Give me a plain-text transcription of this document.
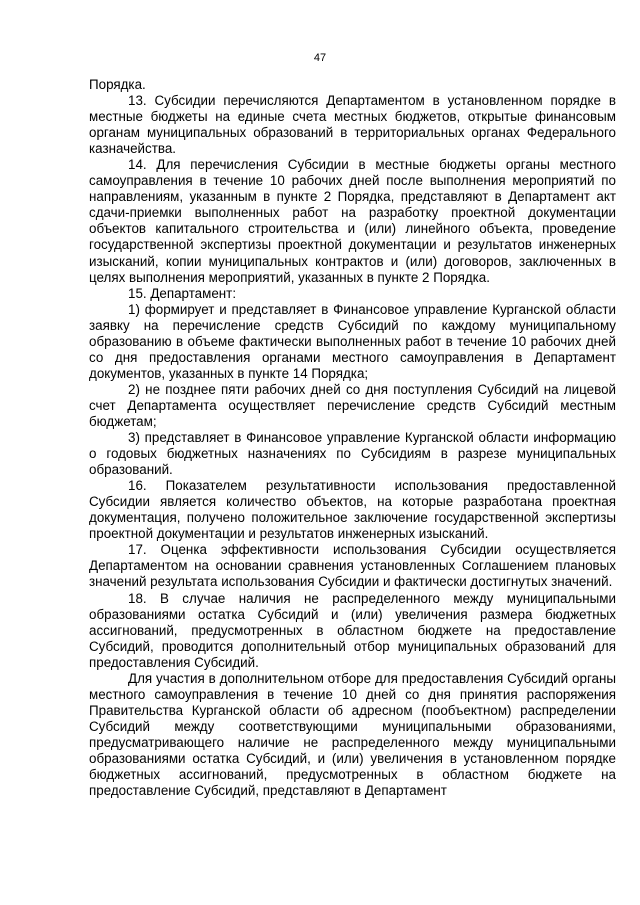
47

Порядка.

13. Субсидии перечисляются Департаментом в установленном порядке в местные бюджеты на единые счета местных бюджетов, открытые финансовым органам муниципальных образований в территориальных органах Федерального казначейства.

14. Для перечисления Субсидии в местные бюджеты органы местного самоуправления в течение 10 рабочих дней после выполнения мероприятий по направлениям, указанным в пункте 2 Порядка, представляют в Департамент акт сдачи-приемки выполненных работ на разработку проектной документации объектов капитального строительства и (или) линейного объекта, проведение государственной экспертизы проектной документации и результатов инженерных изысканий, копии муниципальных контрактов и (или) договоров, заключенных в целях выполнения мероприятий, указанных в пункте 2 Порядка.

15. Департамент:

1) формирует и представляет в Финансовое управление Курганской области заявку на перечисление средств Субсидий по каждому муниципальному образованию в объеме фактически выполненных работ в течение 10 рабочих дней со дня предоставления органами местного самоуправления в Департамент документов, указанных в пункте 14 Порядка;

2) не позднее пяти рабочих дней со дня поступления Субсидий на лицевой счет Департамента осуществляет перечисление средств Субсидий местным бюджетам;

3) представляет в Финансовое управление Курганской области информацию о годовых бюджетных назначениях по Субсидиям в разрезе муниципальных образований.

16. Показателем результативности использования предоставленной Субсидии является количество объектов, на которые разработана проектная документация, получено положительное заключение государственной экспертизы проектной документации и результатов инженерных изысканий.

17. Оценка эффективности использования Субсидии осуществляется Департаментом на основании сравнения установленных Соглашением плановых значений результата использования Субсидии и фактически достигнутых значений.

18. В случае наличия не распределенного между муниципальными образованиями остатка Субсидий и (или) увеличения размера бюджетных ассигнований, предусмотренных в областном бюджете на предоставление Субсидий, проводится дополнительный отбор муниципальных образований для предоставления Субсидий.

Для участия в дополнительном отборе для предоставления Субсидий органы местного самоуправления в течение 10 дней со дня принятия распоряжения Правительства Курганской области об адресном (пообъектном) распределении Субсидий между соответствующими муниципальными образованиями, предусматривающего наличие не распределенного между муниципальными образованиями остатка Субсидий, и (или) увеличения в установленном порядке бюджетных ассигнований, предусмотренных в областном бюджете на предоставление Субсидий, представляют в Департамент
